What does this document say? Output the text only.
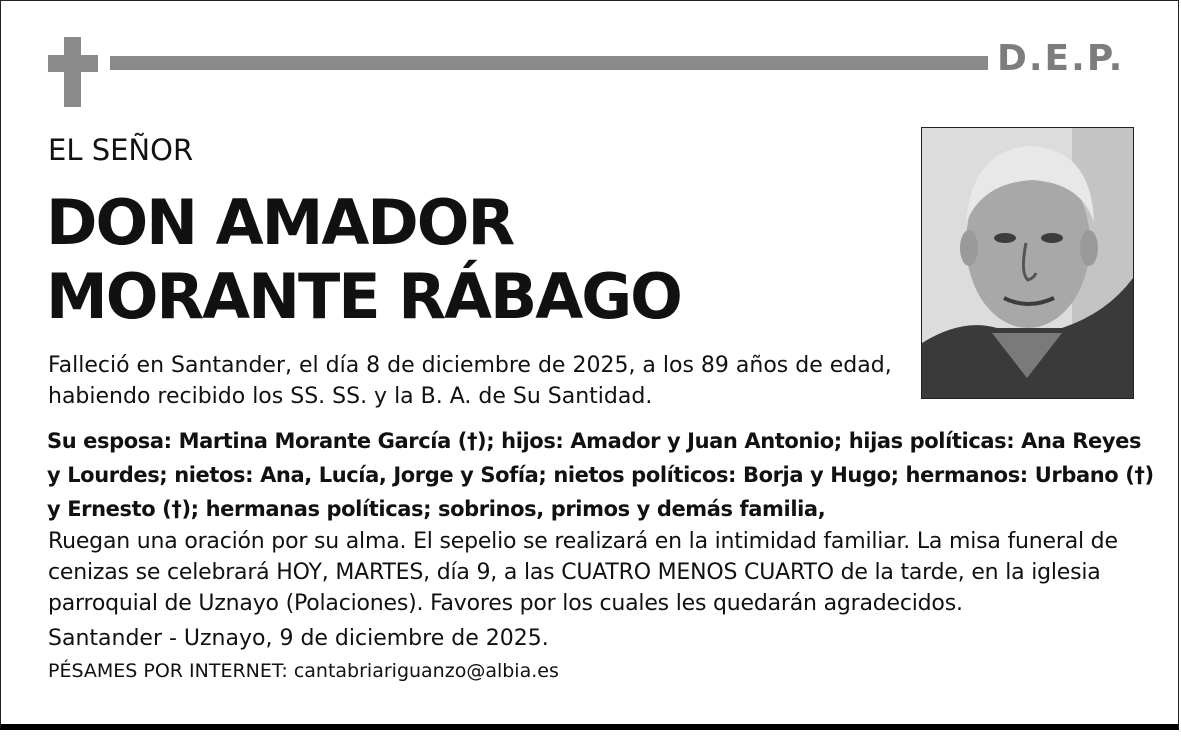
D.E.P.
EL SEÑOR
DON AMADOR
MORANTE RÁBAGO
Falleció en Santander, el día 8 de diciembre de 2025, a los 89 años de edad, habiendo recibido los SS. SS. y la B. A. de Su Santidad.
Su esposa: Martina Morante García (†); hijos: Amador y Juan Antonio; hijas políticas: Ana Reyes y Lourdes; nietos: Ana, Lucía, Jorge y Sofía; nietos políticos: Borja y Hugo; hermanos: Urbano (†) y Ernesto (†); hermanas políticas; sobrinos, primos y demás familia,
Ruegan una oración por su alma. El sepelio se realizará en la intimidad familiar. La misa funeral de cenizas se celebrará HOY, MARTES, día 9, a las CUATRO MENOS CUARTO de la tarde, en la iglesia parroquial de Uznayo (Polaciones). Favores por los cuales les quedarán agradecidos.
Santander - Uznayo, 9 de diciembre de 2025.
PÉSAMES POR INTERNET: cantabriariguanzo@albia.es
